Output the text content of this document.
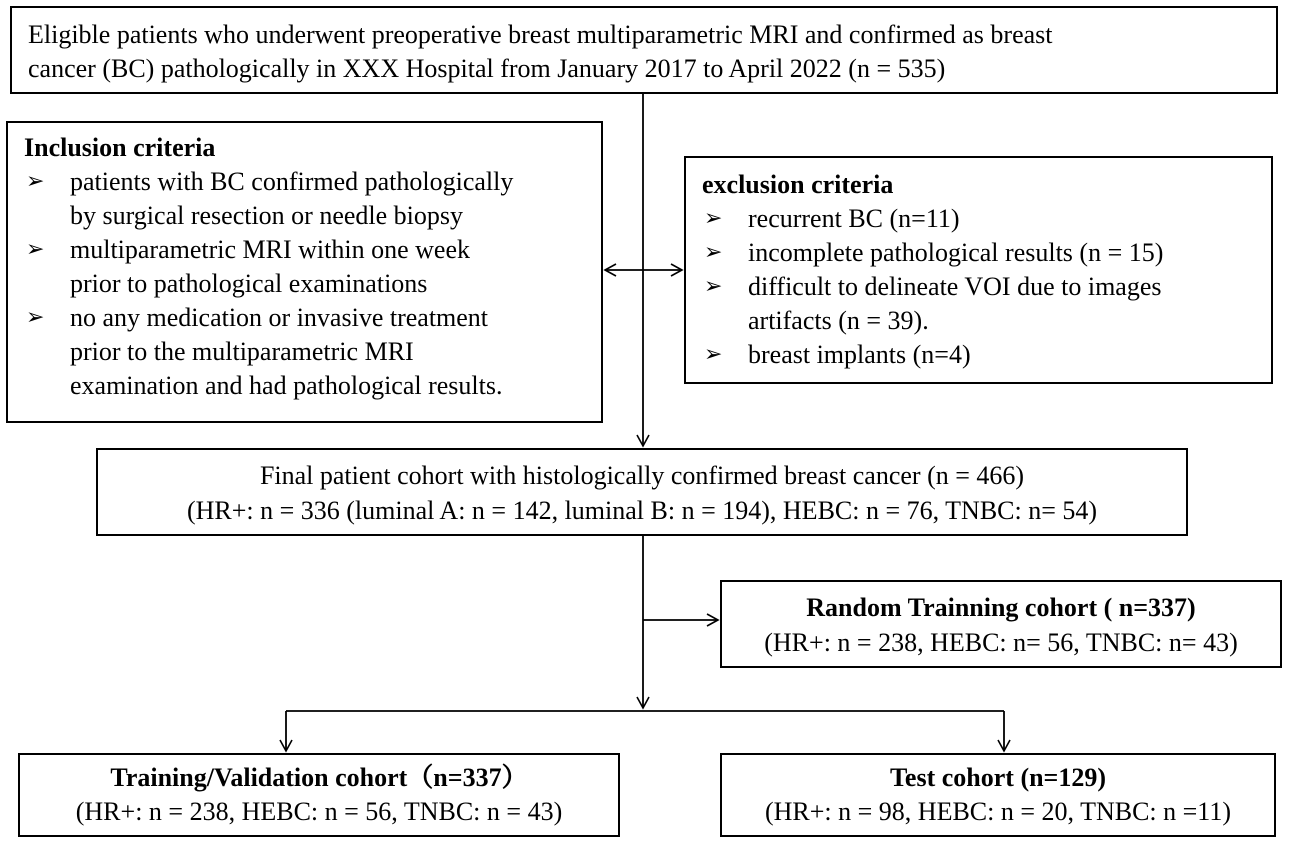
Eligible patients who underwent preoperative breast multiparametric MRI and confirmed as breast
cancer (BC) pathologically in XXX Hospital from January 2017 to April 2022 (n = 535)
Inclusion criteria
➢ patients with BC confirmed pathologically
by surgical resection or needle biopsy
➢ multiparametric MRI within one week
prior to pathological examinations
➢ no any medication or invasive treatment
prior to the multiparametric MRI
examination and had pathological results.
exclusion criteria
➢ recurrent BC (n=11)
➢ incomplete pathological results (n = 15)
➢ difficult to delineate VOI due to images
artifacts (n = 39).
➢ breast implants (n=4)
Final patient cohort with histologically confirmed breast cancer (n = 466)
(HR+: n = 336 (luminal A: n = 142, luminal B: n = 194), HEBC: n = 76, TNBC: n= 54)
Random Trainning cohort ( n=337)
(HR+: n = 238, HEBC: n= 56, TNBC: n= 43)
Training/Validation cohort（n=337）
(HR+: n = 238, HEBC: n = 56, TNBC: n = 43)
Test cohort (n=129)
(HR+: n = 98, HEBC: n = 20, TNBC: n =11)
